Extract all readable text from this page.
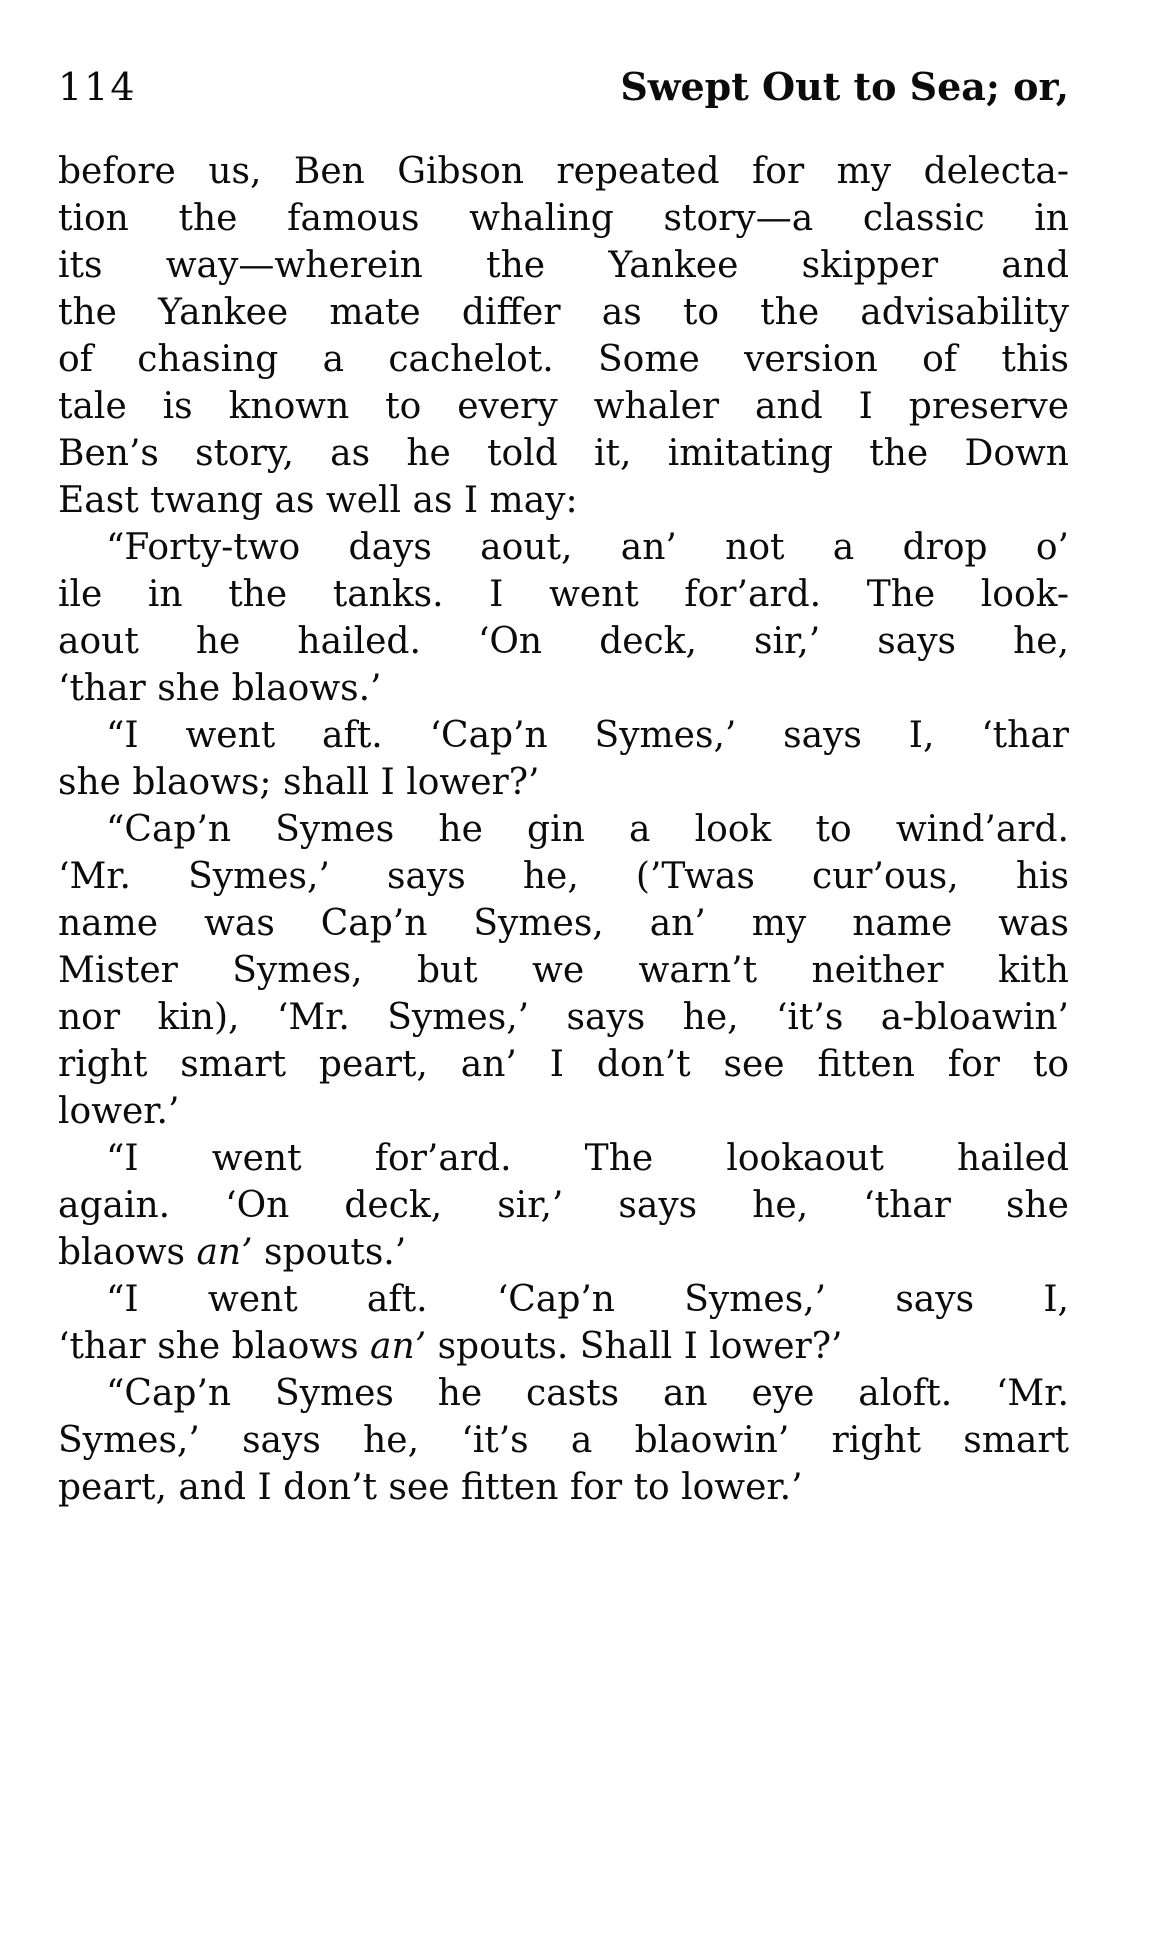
114	Swept Out to Sea; or,
before us, Ben Gibson repeated for my delecta-
tion the famous whaling story—a classic in
its way—wherein the Yankee skipper and
the Yankee mate differ as to the advisability
of chasing a cachelot. Some version of this
tale is known to every whaler and I preserve
Ben’s story, as he told it, imitating the Down
East twang as well as I may:
“Forty-two days aout, an’ not a drop o’
ile in the tanks. I went for’ard. The look-
aout he hailed. ‘On deck, sir,’ says he,
‘thar she blaows.’
“I went aft. ‘Cap’n Symes,’ says I, ‘thar
she blaows; shall I lower?’
“Cap’n Symes he gin a look to wind’ard.
‘Mr. Symes,’ says he, (’Twas cur’ous, his
name was Cap’n Symes, an’ my name was
Mister Symes, but we warn’t neither kith
nor kin), ‘Mr. Symes,’ says he, ‘it’s a-bloawin’
right smart peart, an’ I don’t see fitten for to
lower.’
“I went for’ard. The lookaout hailed
again. ‘On deck, sir,’ says he, ‘thar she
blaows an’ spouts.’
“I went aft. ‘Cap’n Symes,’ says I,
‘thar she blaows an’ spouts. Shall I lower?’
“Cap’n Symes he casts an eye aloft. ‘Mr.
Symes,’ says he, ‘it’s a blaowin’ right smart
peart, and I don’t see fitten for to lower.’
